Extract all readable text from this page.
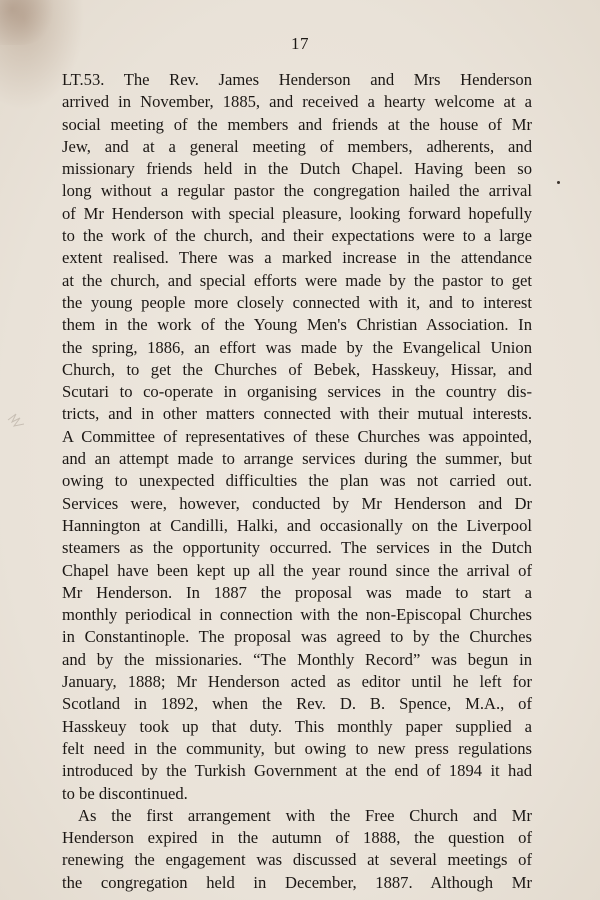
17
LT.53. The Rev. James Henderson and Mrs Henderson
arrived in November, 1885, and received a hearty welcome at a
social meeting of the members and friends at the house of Mr
Jew, and at a general meeting of members, adherents, and
missionary friends held in the Dutch Chapel. Having been so
long without a regular pastor the congregation hailed the arrival
of Mr Henderson with special pleasure, looking forward hopefully
to the work of the church, and their expectations were to a large
extent realised. There was a marked increase in the attendance
at the church, and special efforts were made by the pastor to get
the young people more closely connected with it, and to interest
them in the work of the Young Men's Christian Association. In
the spring, 1886, an effort was made by the Evangelical Union
Church, to get the Churches of Bebek, Hasskeuy, Hissar, and
Scutari to co-operate in organising services in the country dis-
tricts, and in other matters connected with their mutual interests.
A Committee of representatives of these Churches was appointed,
and an attempt made to arrange services during the summer, but
owing to unexpected difficulties the plan was not carried out.
Services were, however, conducted by Mr Henderson and Dr
Hannington at Candilli, Halki, and occasionally on the Liverpool
steamers as the opportunity occurred. The services in the Dutch
Chapel have been kept up all the year round since the arrival of
Mr Henderson. In 1887 the proposal was made to start a
monthly periodical in connection with the non-Episcopal Churches
in Constantinople. The proposal was agreed to by the Churches
and by the missionaries. “The Monthly Record” was begun in
January, 1888; Mr Henderson acted as editor until he left for
Scotland in 1892, when the Rev. D. B. Spence, M.A., of
Hasskeuy took up that duty. This monthly paper supplied a
felt need in the community, but owing to new press regulations
introduced by the Turkish Government at the end of 1894 it had
to be discontinued.
As the first arrangement with the Free Church and Mr
Henderson expired in the autumn of 1888, the question of
renewing the engagement was discussed at several meetings of
the congregation held in December, 1887. Although Mr
